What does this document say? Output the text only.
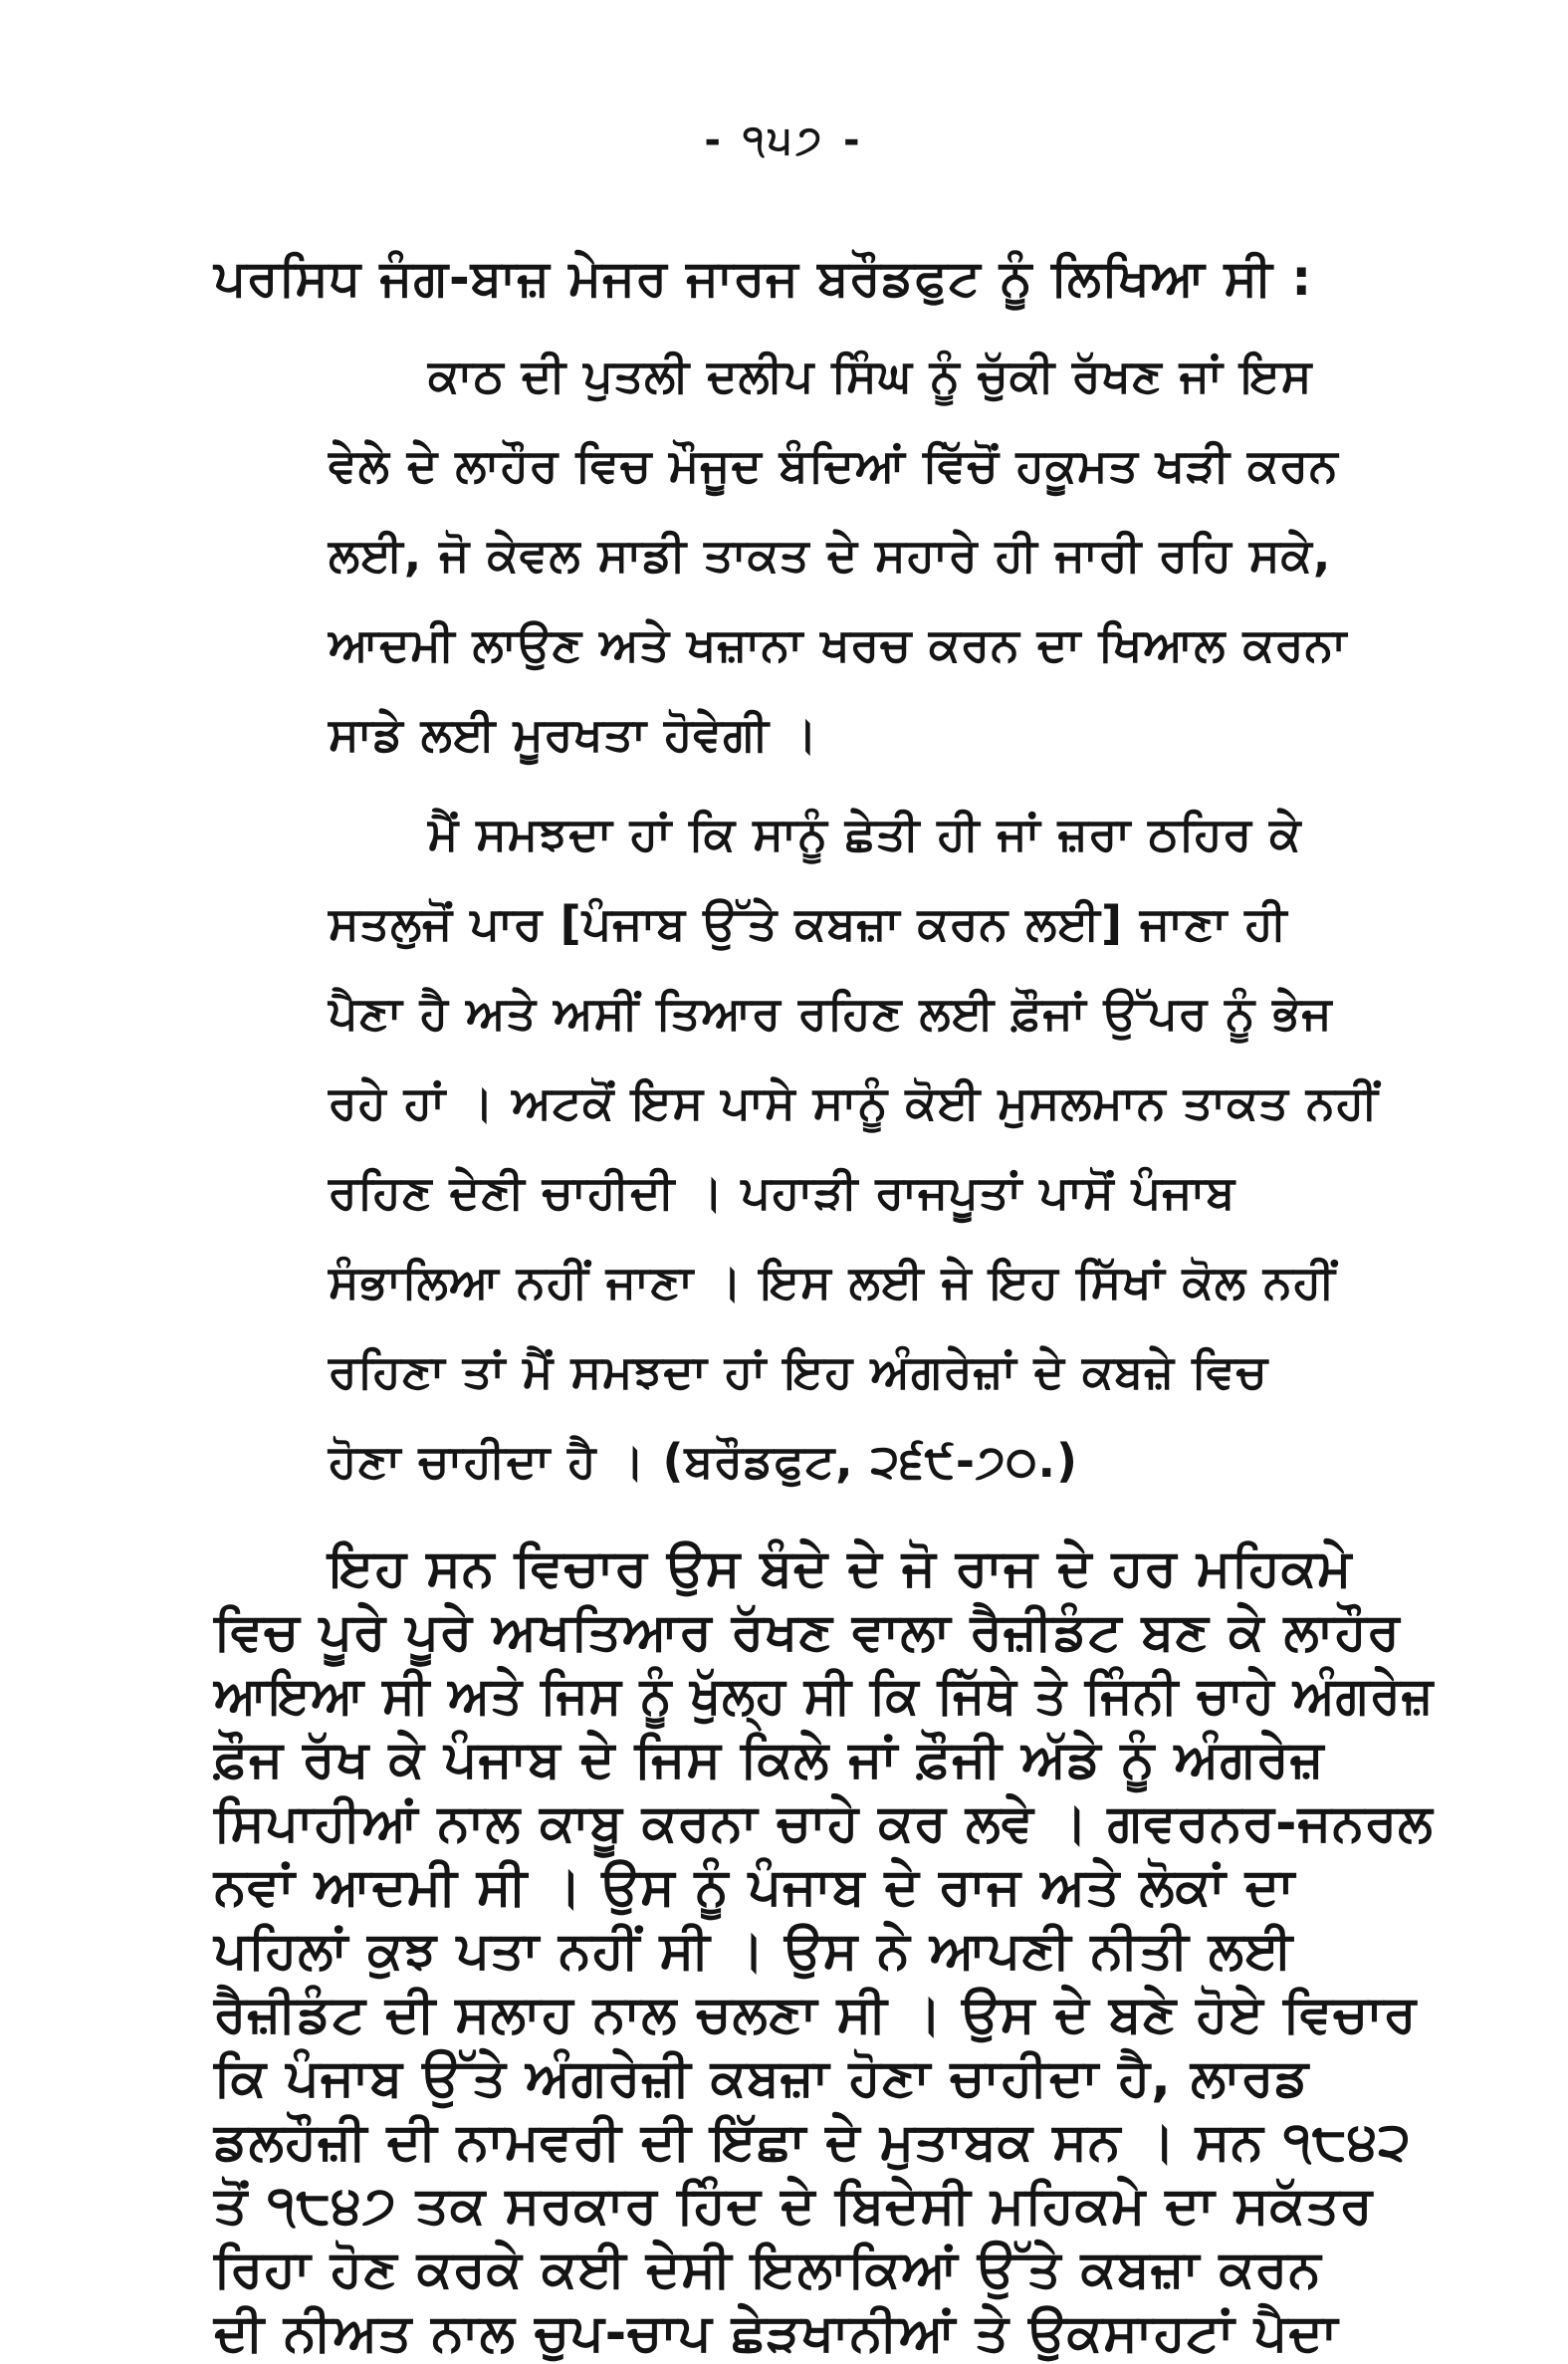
- ੧੫੭ -
ਪਰਸਿਧ ਜੰਗ-ਬਾਜ਼ ਮੇਜਰ ਜਾਰਜ ਬਰੌਡਫੁਟ ਨੂੰ ਲਿਖਿਆ ਸੀ :
ਕਾਠ ਦੀ ਪੁਤਲੀ ਦਲੀਪ ਸਿੰਘ ਨੂੰ ਚੁੱਕੀ ਰੱਖਣ ਜਾਂ ਇਸ
ਵੇਲੇ ਦੇ ਲਾਹੌਰ ਵਿਚ ਮੌਜੂਦ ਬੰਦਿਆਂ ਵਿੱਚੋਂ ਹਕੂਮਤ ਖੜੀ ਕਰਨ
ਲਈ, ਜੋ ਕੇਵਲ ਸਾਡੀ ਤਾਕਤ ਦੇ ਸਹਾਰੇ ਹੀ ਜਾਰੀ ਰਹਿ ਸਕੇ,
ਆਦਮੀ ਲਾਉਣ ਅਤੇ ਖਜ਼ਾਨਾ ਖਰਚ ਕਰਨ ਦਾ ਖਿਆਲ ਕਰਨਾ
ਸਾਡੇ ਲਈ ਮੂਰਖਤਾ ਹੋਵੇਗੀ ।
ਮੈਂ ਸਮਝਦਾ ਹਾਂ ਕਿ ਸਾਨੂੰ ਛੇਤੀ ਹੀ ਜਾਂ ਜ਼ਰਾ ਠਹਿਰ ਕੇ
ਸਤਲੁਜੋਂ ਪਾਰ [ਪੰਜਾਬ ਉੱਤੇ ਕਬਜ਼ਾ ਕਰਨ ਲਈ] ਜਾਣਾ ਹੀ
ਪੈਣਾ ਹੈ ਅਤੇ ਅਸੀਂ ਤਿਆਰ ਰਹਿਣ ਲਈ ਫ਼ੌਜਾਂ ਉੱਪਰ ਨੂੰ ਭੇਜ
ਰਹੇ ਹਾਂ । ਅਟਕੋਂ ਇਸ ਪਾਸੇ ਸਾਨੂੰ ਕੋਈ ਮੁਸਲਮਾਨ ਤਾਕਤ ਨਹੀਂ
ਰਹਿਣ ਦੇਣੀ ਚਾਹੀਦੀ । ਪਹਾੜੀ ਰਾਜਪੂਤਾਂ ਪਾਸੋਂ ਪੰਜਾਬ
ਸੰਭਾਲਿਆ ਨਹੀਂ ਜਾਣਾ । ਇਸ ਲਈ ਜੇ ਇਹ ਸਿੱਖਾਂ ਕੋਲ ਨਹੀਂ
ਰਹਿਣਾ ਤਾਂ ਮੈਂ ਸਮਝਦਾ ਹਾਂ ਇਹ ਅੰਗਰੇਜ਼ਾਂ ਦੇ ਕਬਜ਼ੇ ਵਿਚ
ਹੋਣਾ ਚਾਹੀਦਾ ਹੈ । (ਬਰੌਡਫੁਟ, ੨੬੯-੭੦.)
ਇਹ ਸਨ ਵਿਚਾਰ ਉਸ ਬੰਦੇ ਦੇ ਜੋ ਰਾਜ ਦੇ ਹਰ ਮਹਿਕਮੇ
ਵਿਚ ਪੂਰੇ ਪੂਰੇ ਅਖਤਿਆਰ ਰੱਖਣ ਵਾਲਾ ਰੈਜ਼ੀਡੰਟ ਬਣ ਕੇ ਲਾਹੌਰ
ਆਇਆ ਸੀ ਅਤੇ ਜਿਸ ਨੂੰ ਖੁੱਲ੍ਹ ਸੀ ਕਿ ਜਿੱਥੇ ਤੇ ਜਿੰਨੀ ਚਾਹੇ ਅੰਗਰੇਜ਼
ਫ਼ੌਜ ਰੱਖ ਕੇ ਪੰਜਾਬ ਦੇ ਜਿਸ ਕਿਲੇ ਜਾਂ ਫ਼ੌਜੀ ਅੱਡੇ ਨੂੰ ਅੰਗਰੇਜ਼
ਸਿਪਾਹੀਆਂ ਨਾਲ ਕਾਬੂ ਕਰਨਾ ਚਾਹੇ ਕਰ ਲਵੇ । ਗਵਰਨਰ-ਜਨਰਲ
ਨਵਾਂ ਆਦਮੀ ਸੀ । ਉਸ ਨੂੰ ਪੰਜਾਬ ਦੇ ਰਾਜ ਅਤੇ ਲੋਕਾਂ ਦਾ
ਪਹਿਲਾਂ ਕੁਝ ਪਤਾ ਨਹੀਂ ਸੀ । ਉਸ ਨੇ ਆਪਣੀ ਨੀਤੀ ਲਈ
ਰੈਜ਼ੀਡੰਟ ਦੀ ਸਲਾਹ ਨਾਲ ਚਲਣਾ ਸੀ । ਉਸ ਦੇ ਬਣੇ ਹੋਏ ਵਿਚਾਰ
ਕਿ ਪੰਜਾਬ ਉੱਤੇ ਅੰਗਰੇਜ਼ੀ ਕਬਜ਼ਾ ਹੋਣਾ ਚਾਹੀਦਾ ਹੈ, ਲਾਰਡ
ਡਲਹੌਜ਼ੀ ਦੀ ਨਾਮਵਰੀ ਦੀ ਇੱਛਾ ਦੇ ਮੁਤਾਬਕ ਸਨ । ਸਨ ੧੮੪੨
ਤੋਂ ੧੮੪੭ ਤਕ ਸਰਕਾਰ ਹਿੰਦ ਦੇ ਬਿਦੇਸੀ ਮਹਿਕਮੇ ਦਾ ਸਕੱਤਰ
ਰਿਹਾ ਹੋਣ ਕਰਕੇ ਕਈ ਦੇਸੀ ਇਲਾਕਿਆਂ ਉੱਤੇ ਕਬਜ਼ਾ ਕਰਨ
ਦੀ ਨੀਅਤ ਨਾਲ ਚੁਪ-ਚਾਪ ਛੇੜਖਾਨੀਆਂ ਤੇ ਉਕਸਾਹਟਾਂ ਪੈਦਾ
